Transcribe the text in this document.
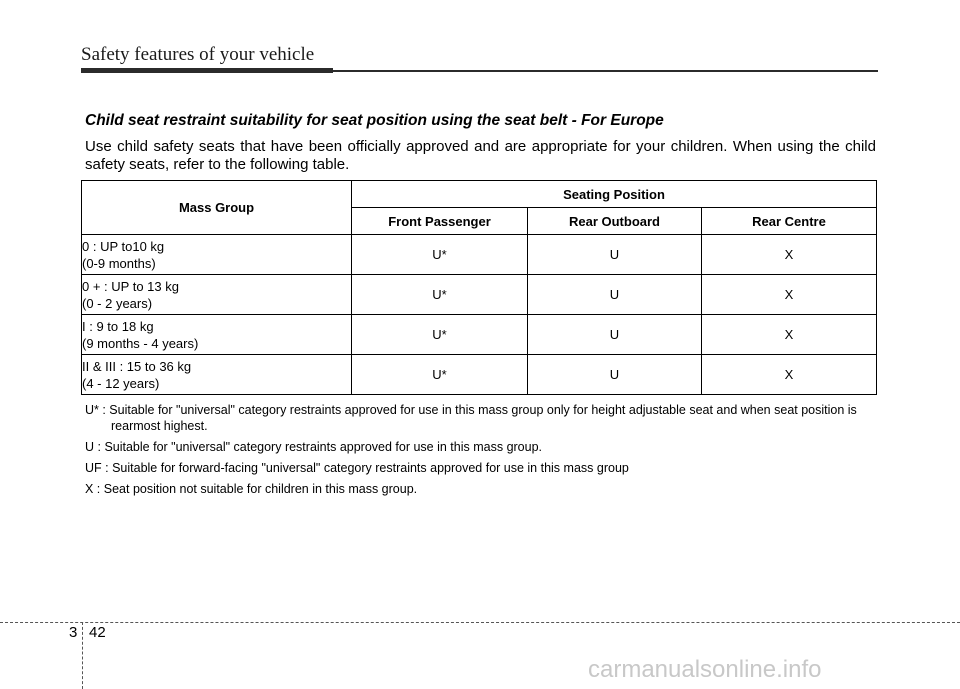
Safety features of your vehicle
Child seat restraint suitability for seat position using the seat belt - For Europe

Use child safety seats that have been officially approved and are appropriate for your children. When using the child safety seats, refer to the following table.

Mass Group	Seating Position		
	Front Passenger	Rear Outboard	Rear Centre
0 : UP to10 kg
(0-9 months)	U*	U	X
0 + : UP to 13 kg
(0 - 2 years)	U*	U	X
I : 9 to 18 kg
(9 months - 4 years)	U*	U	X
II & III : 15 to 36 kg
(4 - 12 years)	U*	U	X
U* : Suitable for "universal" category restraints approved for use in this mass group only for height adjustable seat and when seat position is rearmost highest.
U : Suitable for "universal" category restraints approved for use in this mass group.
UF : Suitable for forward-facing "universal" category restraints approved for use in this mass group
X : Seat position not suitable for children in this mass group.
3 42
carmanualsonline.info
